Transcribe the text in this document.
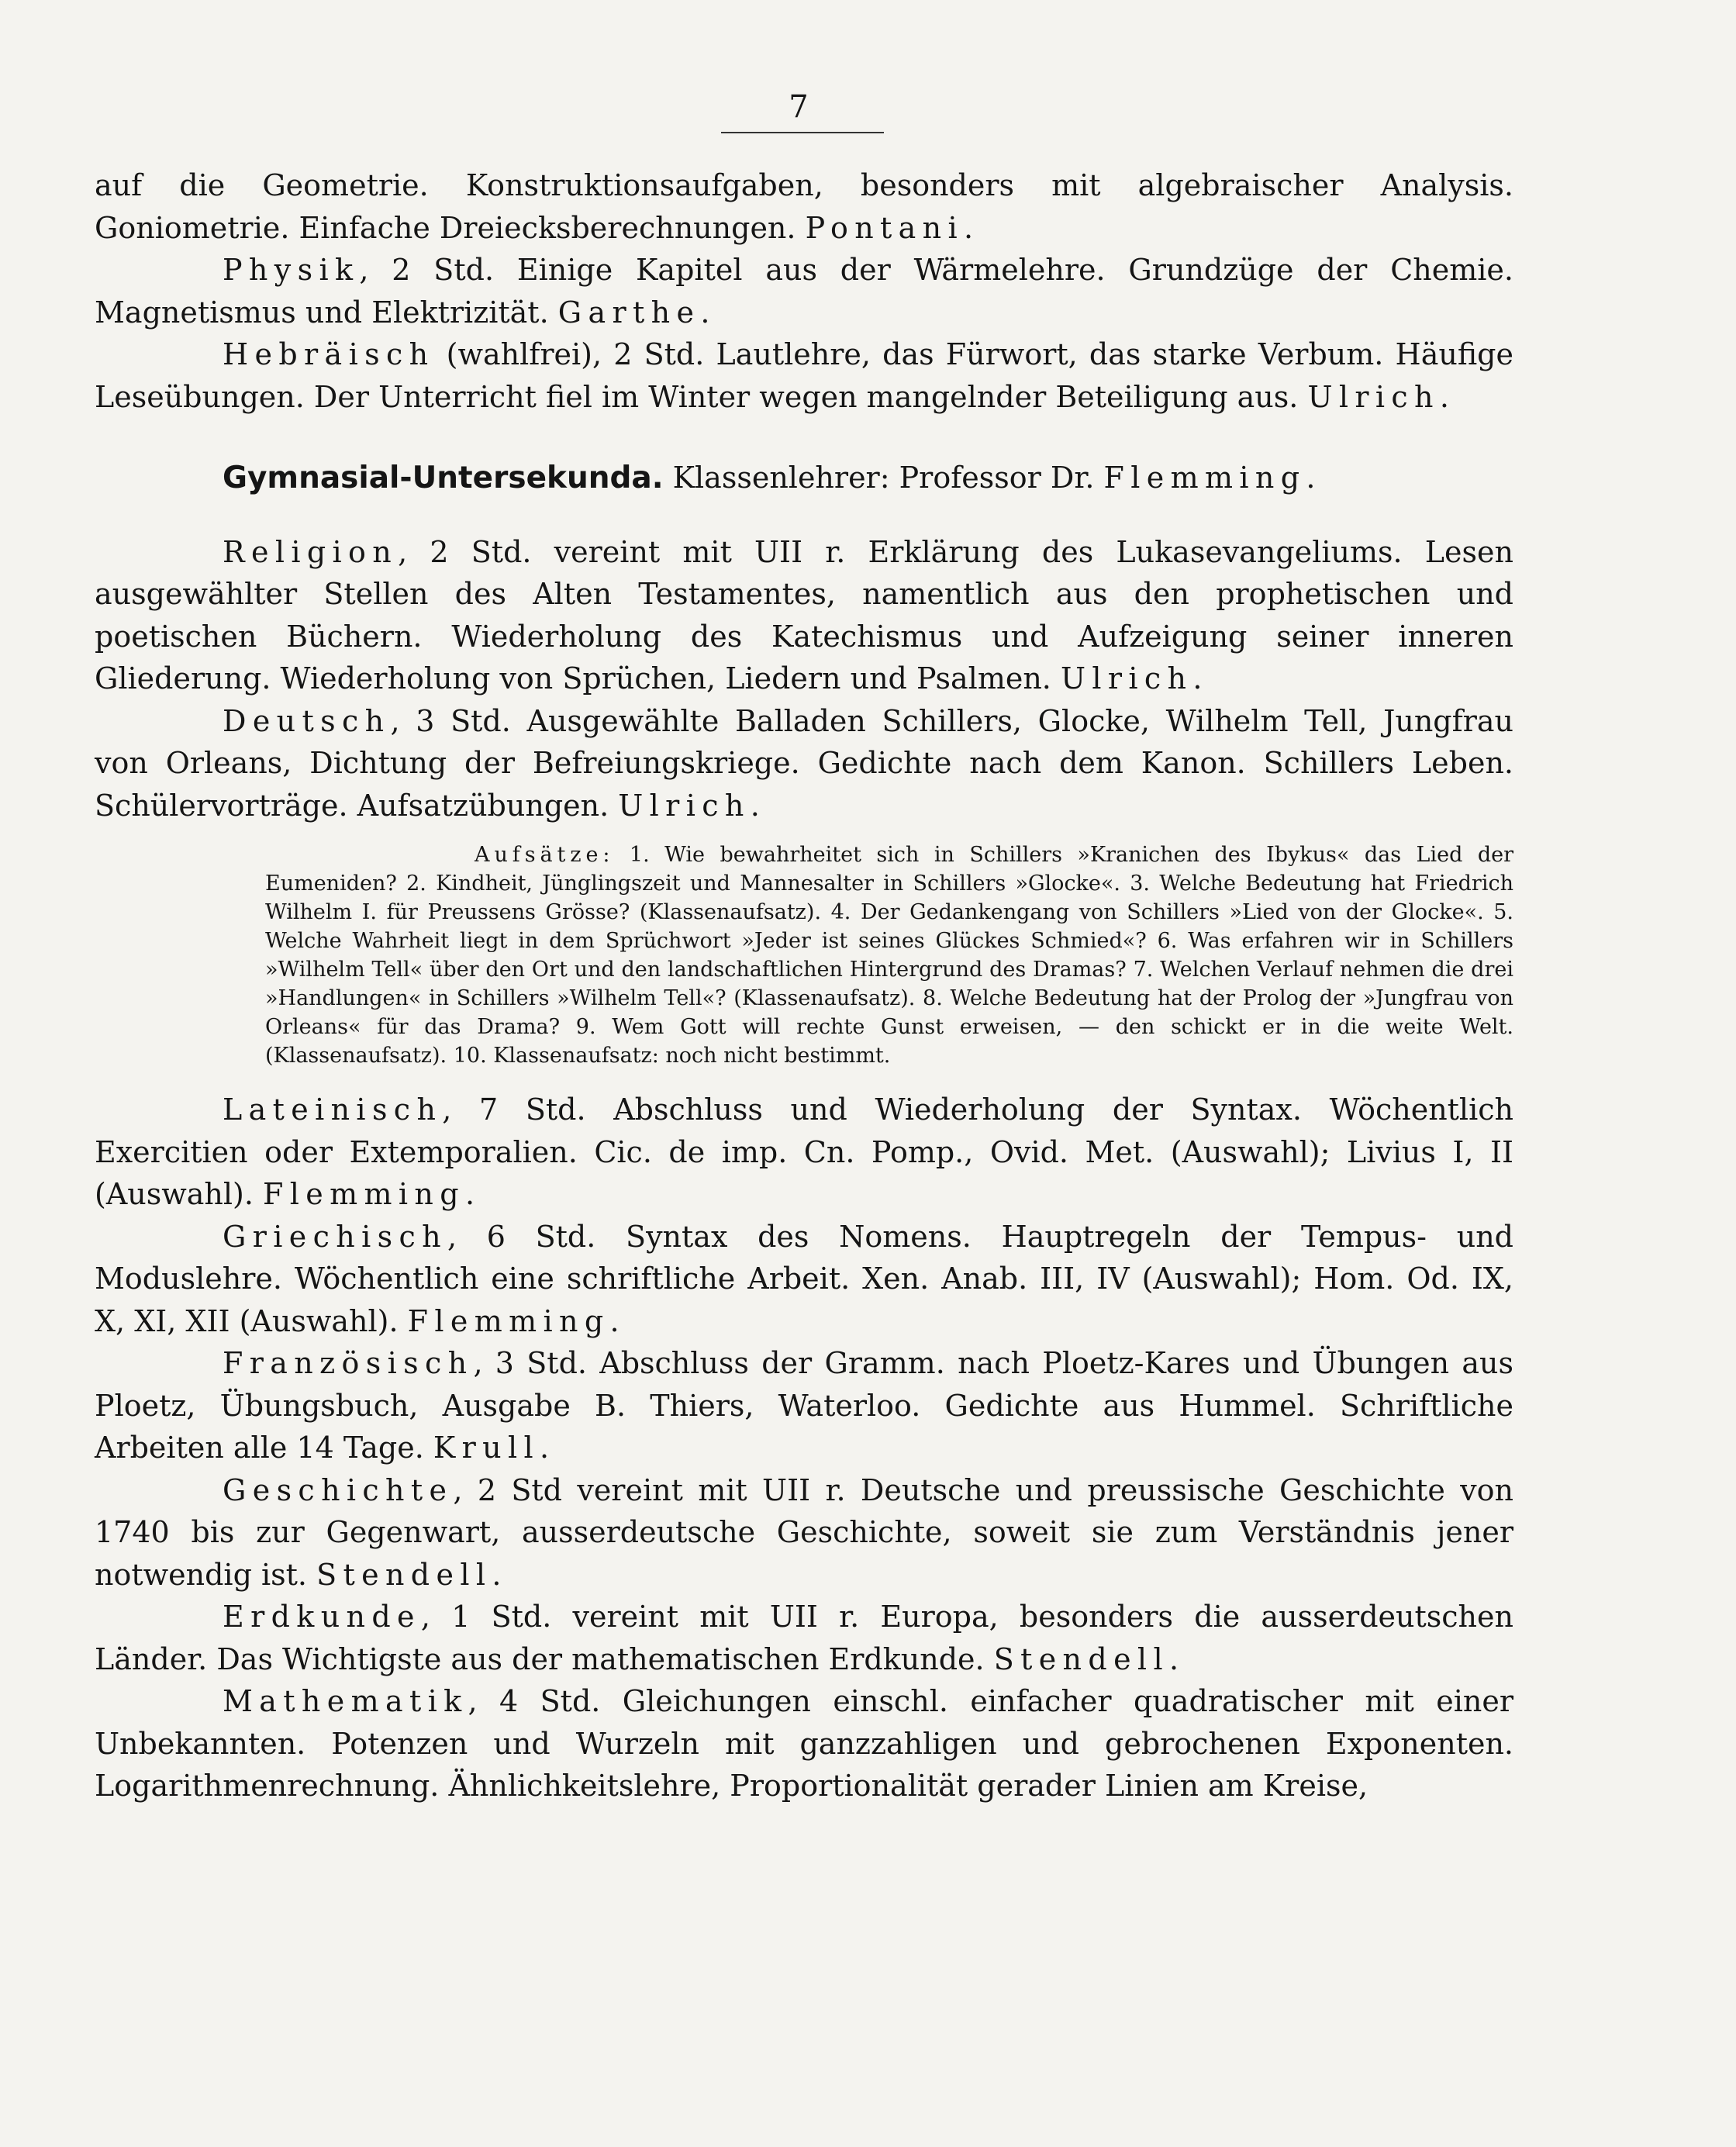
7

auf die Geometrie. Konstruktionsaufgaben, besonders mit algebraischer Analysis. Goniometrie. Einfache Dreiecksberechnungen. Pontani.

Physik, 2 Std. Einige Kapitel aus der Wärmelehre. Grundzüge der Chemie. Magnetismus und Elektrizität. Garthe.

Hebräisch (wahlfrei), 2 Std. Lautlehre, das Fürwort, das starke Verbum. Häufige Leseübungen. Der Unterricht fiel im Winter wegen mangelnder Beteiligung aus. Ulrich.

Gymnasial-Untersekunda. Klassenlehrer: Professor Dr. Flemming.

Religion, 2 Std. vereint mit UII r. Erklärung des Lukasevangeliums. Lesen ausgewählter Stellen des Alten Testamentes, namentlich aus den prophetischen und poetischen Büchern. Wiederholung des Katechismus und Aufzeigung seiner inneren Gliederung. Wiederholung von Sprüchen, Liedern und Psalmen. Ulrich.

Deutsch, 3 Std. Ausgewählte Balladen Schillers, Glocke, Wilhelm Tell, Jungfrau von Orleans, Dichtung der Befreiungskriege. Gedichte nach dem Kanon. Schillers Leben. Schülervorträge. Aufsatzübungen. Ulrich.

Aufsätze: 1. Wie bewahrheitet sich in Schillers »Kranichen des Ibykus« das Lied der Eumeniden? 2. Kindheit, Jünglingszeit und Mannesalter in Schillers »Glocke«. 3. Welche Bedeutung hat Friedrich Wilhelm I. für Preussens Grösse? (Klassenaufsatz). 4. Der Gedankengang von Schillers »Lied von der Glocke«. 5. Welche Wahrheit liegt in dem Sprüchwort »Jeder ist seines Glückes Schmied«? 6. Was erfahren wir in Schillers »Wilhelm Tell« über den Ort und den landschaftlichen Hintergrund des Dramas? 7. Welchen Verlauf nehmen die drei »Handlungen« in Schillers »Wilhelm Tell«? (Klassenaufsatz). 8. Welche Bedeutung hat der Prolog der »Jungfrau von Orleans« für das Drama? 9. Wem Gott will rechte Gunst erweisen, — den schickt er in die weite Welt. (Klassenaufsatz). 10. Klassenaufsatz: noch nicht bestimmt.

Lateinisch, 7 Std. Abschluss und Wiederholung der Syntax. Wöchentlich Exercitien oder Extemporalien. Cic. de imp. Cn. Pomp., Ovid. Met. (Auswahl); Livius I, II (Auswahl). Flemming.

Griechisch, 6 Std. Syntax des Nomens. Hauptregeln der Tempus- und Moduslehre. Wöchentlich eine schriftliche Arbeit. Xen. Anab. III, IV (Auswahl); Hom. Od. IX, X, XI, XII (Auswahl). Flemming.

Französisch, 3 Std. Abschluss der Gramm. nach Ploetz-Kares und Übungen aus Ploetz, Übungsbuch, Ausgabe B. Thiers, Waterloo. Gedichte aus Hummel. Schriftliche Arbeiten alle 14 Tage. Krull.

Geschichte, 2 Std vereint mit UII r. Deutsche und preussische Geschichte von 1740 bis zur Gegenwart, ausserdeutsche Geschichte, soweit sie zum Verständnis jener notwendig ist. Stendell.

Erdkunde, 1 Std. vereint mit UII r. Europa, besonders die ausserdeutschen Länder. Das Wichtigste aus der mathematischen Erdkunde. Stendell.

Mathematik, 4 Std. Gleichungen einschl. einfacher quadratischer mit einer Unbekannten. Potenzen und Wurzeln mit ganzzahligen und gebrochenen Exponenten. Logarithmenrechnung. Ähnlichkeitslehre, Proportionalität gerader Linien am Kreise,
